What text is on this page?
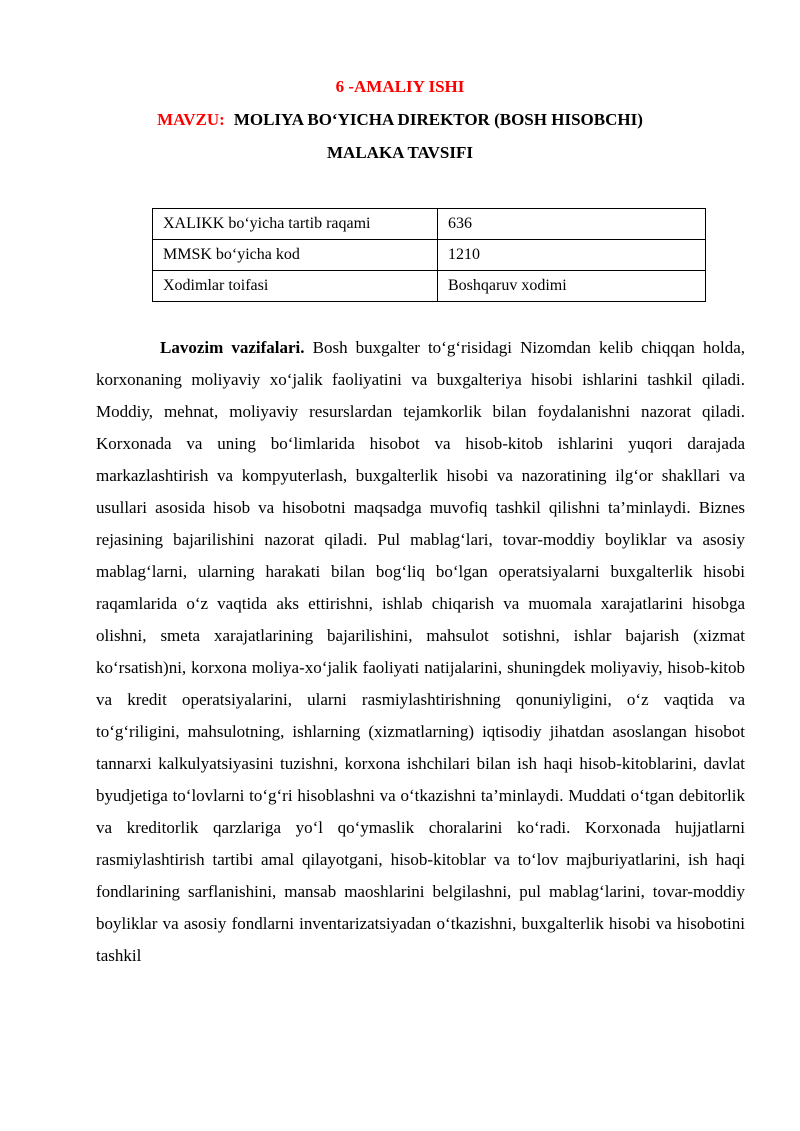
6 -AMALIY ISHI
MAVZU: MOLIYA BO‘YICHA DIREKTOR (BOSH HISOBCHI)
MALAKA TAVSIFI
XALIKK bo‘yicha tartib raqami	636
MMSK bo‘yicha kod	1210
Xodimlar toifasi	Boshqaruv xodimi

Lavozim vazifalari. Bosh buxgalter to‘g‘risidagi Nizomdan kelib chiqqan holda, korxonaning moliyaviy xo‘jalik faoliyatini va buxgalteriya hisobi ishlarini tashkil qiladi. Moddiy, mehnat, moliyaviy resurslardan tejamkorlik bilan foydalanishni nazorat qiladi. Korxonada va uning bo‘limlarida hisobot va hisob-kitob ishlarini yuqori darajada markazlashtirish va kompyuterlash, buxgalterlik hisobi va nazoratining ilg‘or shakllari va usullari asosida hisob va hisobotni maqsadga muvofiq tashkil qilishni ta’minlaydi. Biznes rejasining bajarilishini nazorat qiladi. Pul mablag‘lari, tovar-moddiy boyliklar va asosiy mablag‘larni, ularning harakati bilan bog‘liq bo‘lgan operatsiyalarni buxgalterlik hisobi raqamlarida o‘z vaqtida aks ettirishni, ishlab chiqarish va muomala xarajatlarini hisobga olishni, smeta xarajatlarining bajarilishini, mahsulot sotishni, ishlar bajarish (xizmat ko‘rsatish)ni, korxona moliya-xo‘jalik faoliyati natijalarini, shuningdek moliyaviy, hisob-kitob va kredit operatsiyalarini, ularni rasmiylashtirishning qonuniyligini, o‘z vaqtida va to‘g‘riligini, mahsulotning, ishlarning (xizmatlarning) iqtisodiy jihatdan asoslangan hisobot tannarxi kalkulyatsiyasini tuzishni, korxona ishchilari bilan ish haqi hisob-kitoblarini, davlat byudjetiga to‘lovlarni to‘g‘ri hisoblashni va o‘tkazishni ta’minlaydi. Muddati o‘tgan debitorlik va kreditorlik qarzlariga yo‘l qo‘ymaslik choralarini ko‘radi. Korxonada hujjatlarni rasmiylashtirish tartibi amal qilayotgani, hisob-kitoblar va to‘lov majburiyatlarini, ish haqi fondlarining sarflanishini, mansab maoshlarini belgilashni, pul mablag‘larini, tovar-moddiy boyliklar va asosiy fondlarni inventarizatsiyadan o‘tkazishni, buxgalterlik hisobi va hisobotini tashkil
